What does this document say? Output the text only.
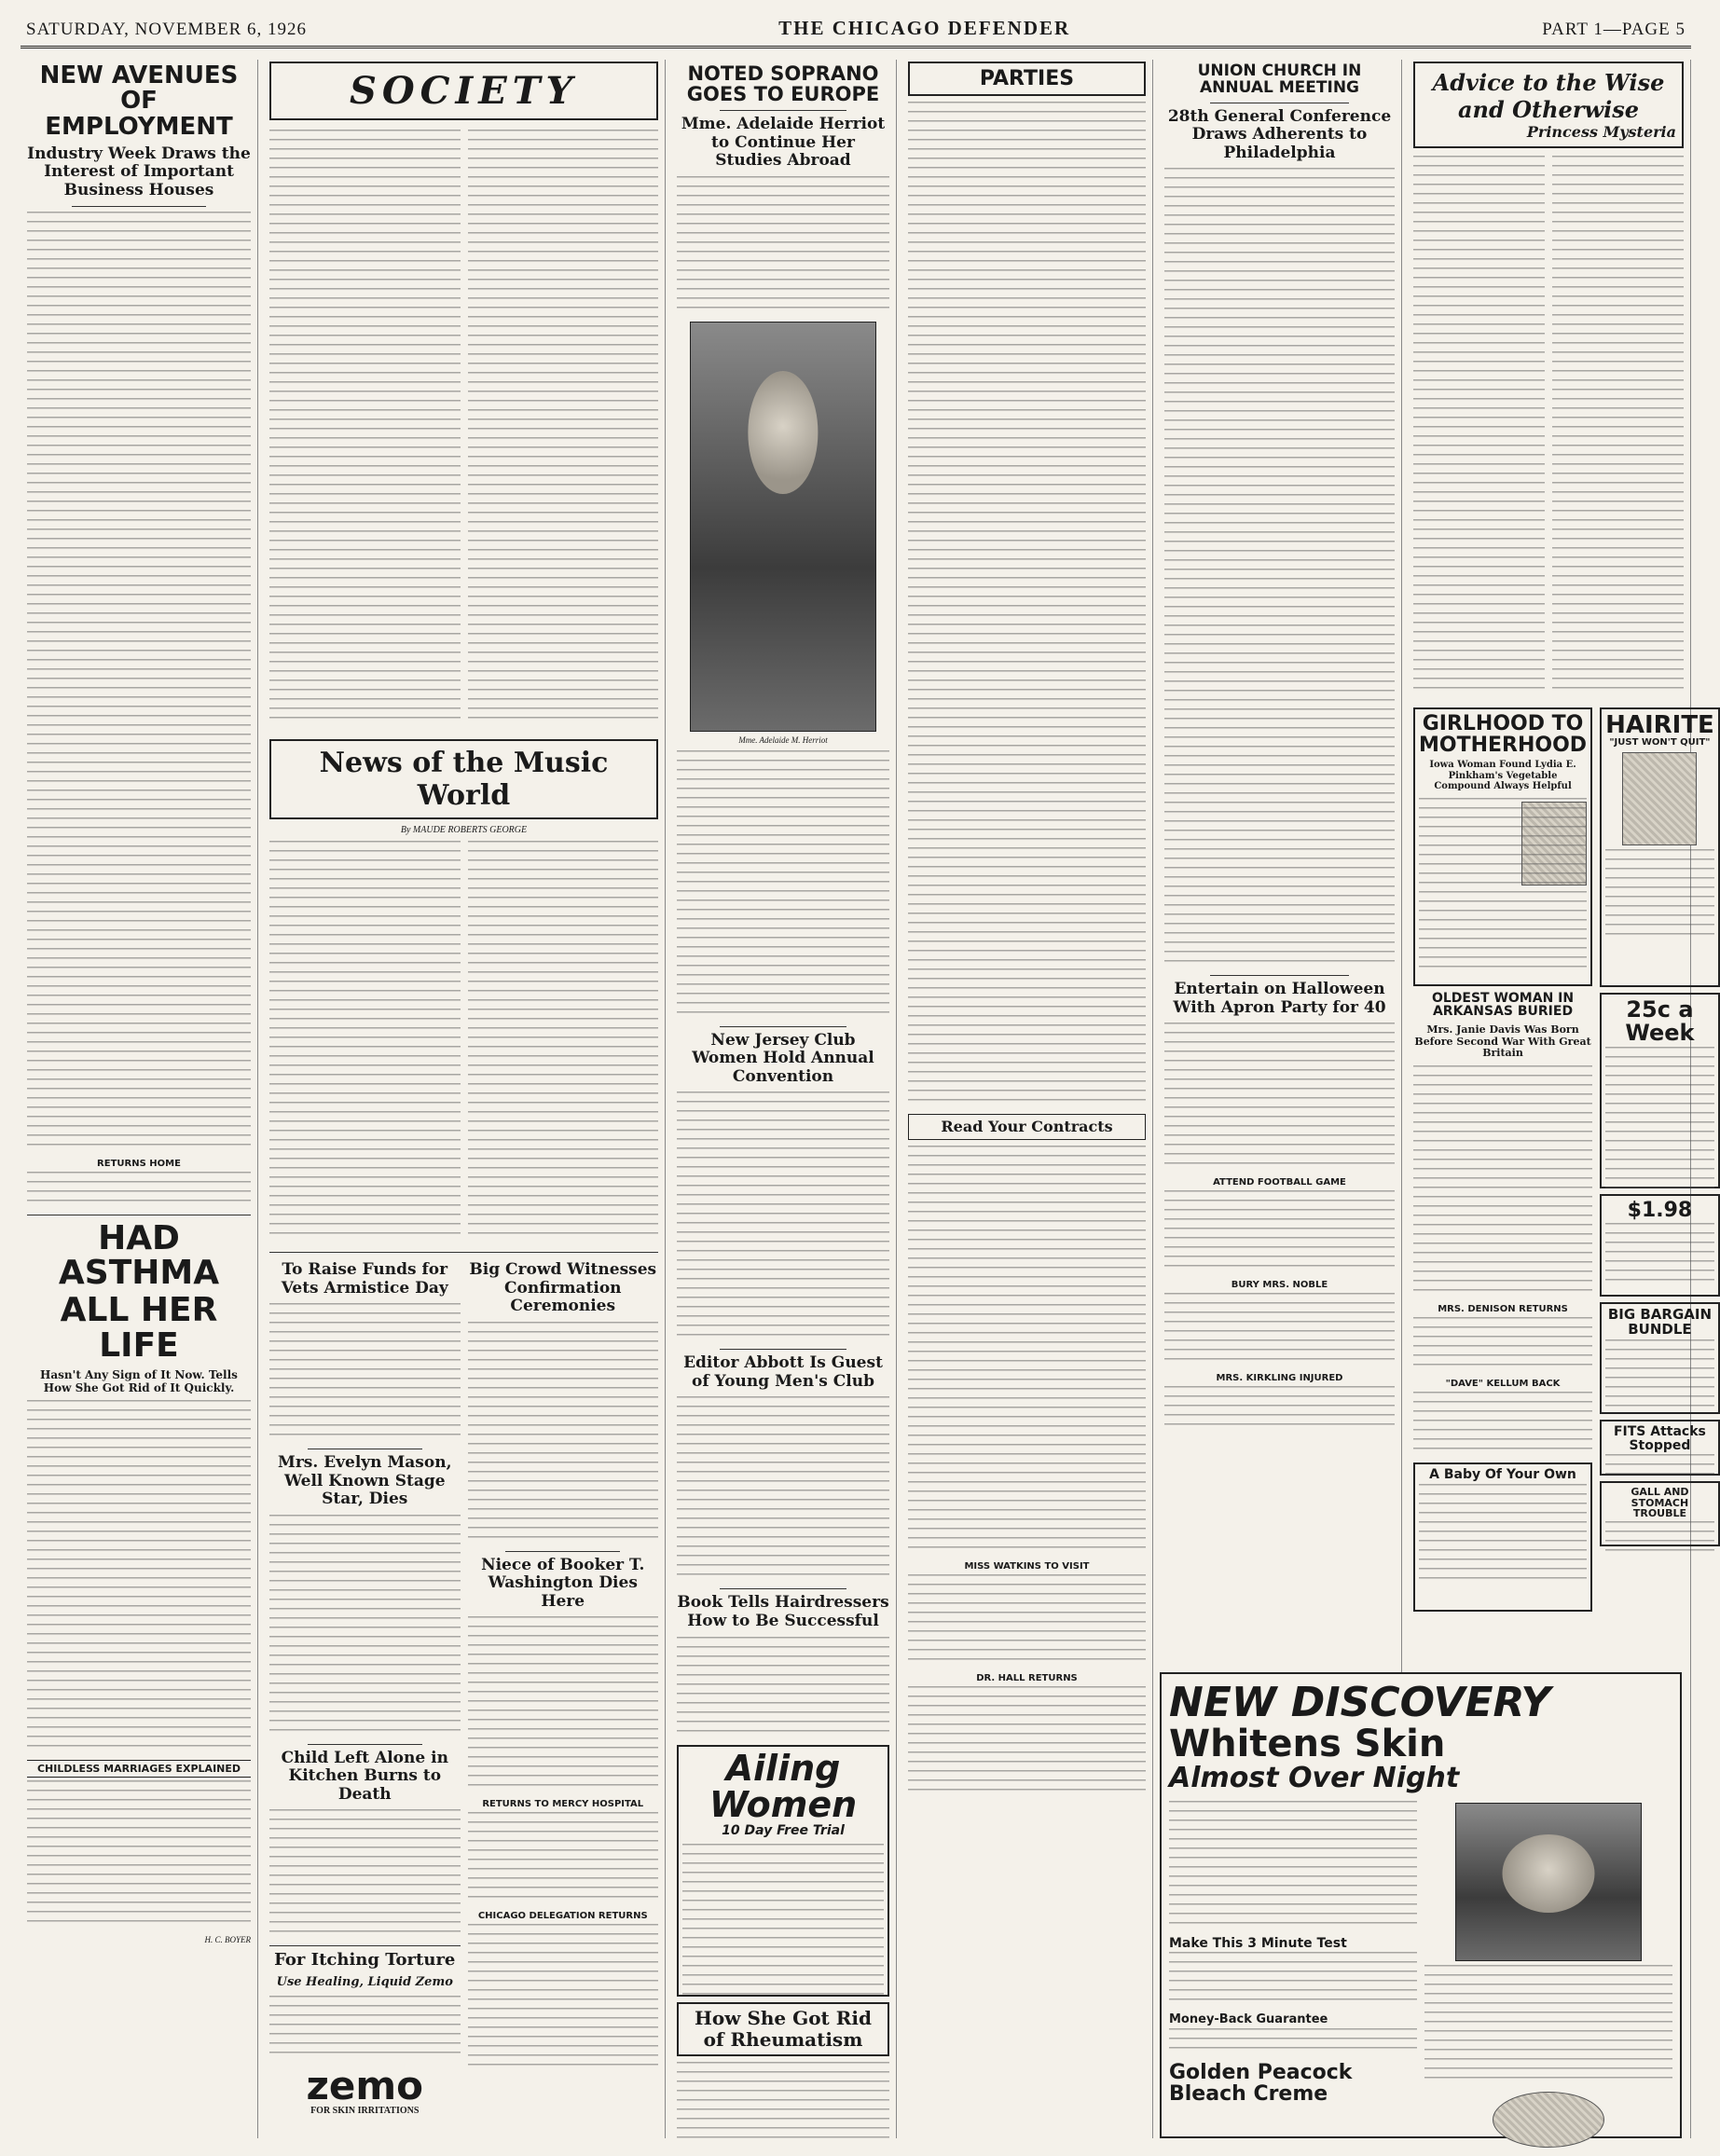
SATURDAY, NOVEMBER 6, 1926	THE CHICAGO DEFENDER	PART 1—PAGE 5
NEW AVENUES OF EMPLOYMENT
Industry Week Draws the Interest of Important Business Houses
RETURNS HOME
HAD ASTHMA
ALL HER LIFE
Hasn't Any Sign of It Now. Tells How She Got Rid of It Quickly.
CHILDLESS MARRIAGES EXPLAINED
H. C. BOYER
SOCIETY
News of the Music World
By MAUDE ROBERTS GEORGE
To Raise Funds for Vets Armistice Day
Mrs. Evelyn Mason, Well Known Stage Star, Dies
Child Left Alone in Kitchen Burns to Death
For Itching Torture
Use Healing, Liquid Zemo
zemo
FOR SKIN IRRITATIONS
Big Crowd Witnesses Confirmation Ceremonies
Niece of Booker T. Washington Dies Here
RETURNS TO MERCY HOSPITAL
CHICAGO DELEGATION RETURNS
NOTED SOPRANO GOES TO EUROPE
Mme. Adelaide Herriot to Continue Her Studies Abroad
Mme. Adelaide M. Herriot
New Jersey Club Women Hold Annual Convention
Editor Abbott Is Guest of Young Men's Club
Book Tells Hairdressers How to Be Successful
Ailing Women
10 Day Free Trial
How She Got Rid of Rheumatism
PARTIES
Read Your Contracts
MISS WATKINS TO VISIT
DR. HALL RETURNS
UNION CHURCH IN ANNUAL MEETING
28th General Conference Draws Adherents to Philadelphia
Entertain on Halloween With Apron Party for 40
ATTEND FOOTBALL GAME
BURY MRS. NOBLE
MRS. KIRKLING INJURED
Advice to the Wise and Otherwise
Princess Mysteria
GIRLHOOD TO
MOTHERHOOD
Iowa Woman Found Lydia E. Pinkham's Vegetable Compound Always Helpful
OLDEST WOMAN IN ARKANSAS BURIED
Mrs. Janie Davis Was Born Before Second War With Great Britain
MRS. DENISON RETURNS
"DAVE" KELLUM BACK
A Baby Of Your Own
HAIRITE
"JUST WON'T QUIT"
25c a Week
$1.98
BIG BARGAIN BUNDLE
FITS Attacks Stopped
GALL AND STOMACH TROUBLE
NEW DISCOVERY
Whitens Skin
Almost Over Night
Make This 3 Minute Test
Money-Back Guarantee
Golden Peacock
Bleach Creme
